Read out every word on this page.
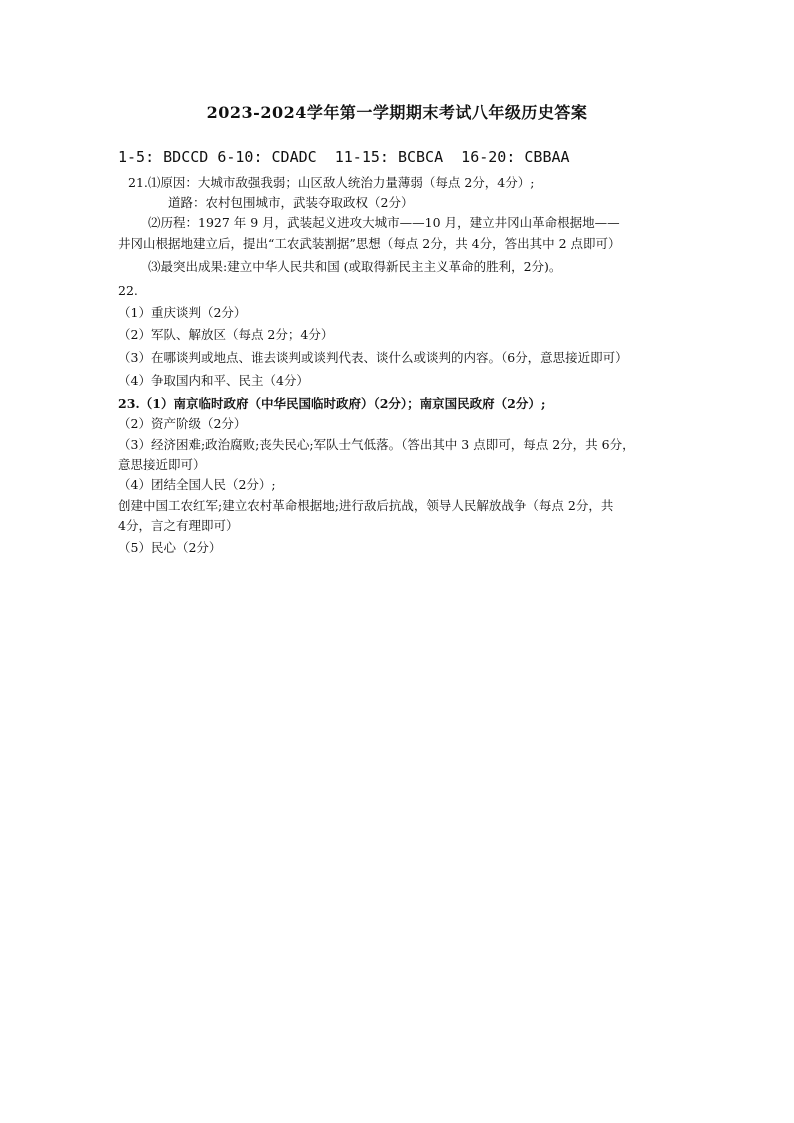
2023-2024学年第一学期期末考试八年级历史答案
1-5: BDCCD 6-10: CDADC  11-15: BCBCA  16-20: CBBAA
21.⑴原因：大城市敌强我弱；山区敌人统治力量薄弱（每点 2分，4分）;
道路：农村包围城市，武装夺取政权（2分）
⑵历程：1927 年 9 月，武装起义进攻大城市——10 月，建立井冈山革命根据地——
井冈山根据地建立后，提出“工农武装割据”思想（每点 2分，共 4分，答出其中 2 点即可）
⑶最突出成果:建立中华人民共和国 (或取得新民主主义革命的胜利，2分)。
22.
（1）重庆谈判（2分）
（2）军队、解放区（每点 2分；4分）
（3）在哪谈判或地点、谁去谈判或谈判代表、谈什么或谈判的内容。（6分，意思接近即可）
（4）争取国内和平、民主（4分）
23.（1）南京临时政府（中华民国临时政府）（2分）；南京国民政府（2分）;
（2）资产阶级（2分）
（3）经济困难;政治腐败;丧失民心;军队士气低落。（答出其中 3 点即可，每点 2分，共 6分，
意思接近即可）
（4）团结全国人民（2分）;
创建中国工农红军;建立农村革命根据地;进行敌后抗战，领导人民解放战争（每点 2分，共
4分，言之有理即可）
（5）民心（2分）
